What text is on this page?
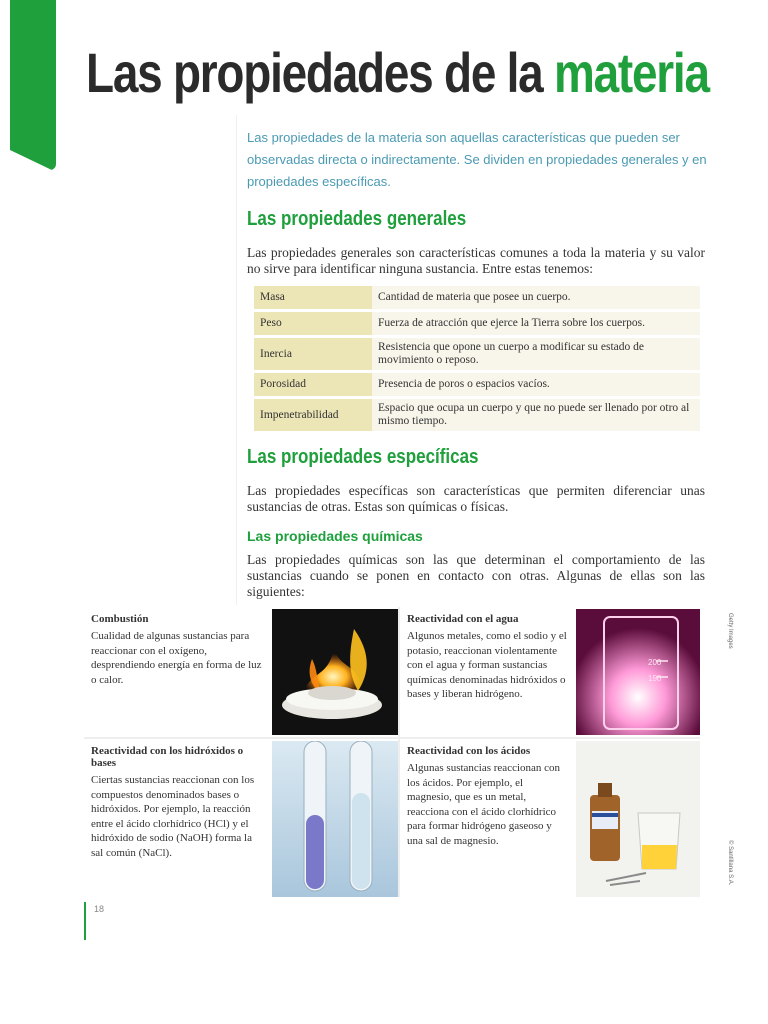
Las propiedades de la materia
Las propiedades de la materia son aquellas características que pueden ser observadas directa o indirectamente. Se dividen en propiedades generales y en propiedades específicas.
Las propiedades generales
Las propiedades generales son características comunes a toda la materia y su valor no sirve para identificar ninguna sustancia. Entre estas tenemos:
Masa	Cantidad de materia que posee un cuerpo.
Peso	Fuerza de atracción que ejerce la Tierra sobre los cuerpos.
Inercia	Resistencia que opone un cuerpo a modificar su estado de movimiento o reposo.
Porosidad	Presencia de poros o espacios vacíos.
Impenetrabilidad	Espacio que ocupa un cuerpo y que no puede ser llenado por otro al mismo tiempo.
Las propiedades específicas
Las propiedades específicas son características que permiten diferenciar unas sustancias de otras. Estas son químicas o físicas.
Las propiedades químicas
Las propiedades químicas son las que determinan el comportamiento de las sustancias cuando se ponen en contacto con otras. Algunas de ellas son las siguientes:

Combustión

Cualidad de algunas sustancias para reaccionar con el oxígeno, desprendiendo energía en forma de luz o calor.

Reactividad con el agua

Algunos metales, como el sodio y el potasio, reaccionan violentamente con el agua y forman sustancias químicas denominadas hidróxidos o bases y liberan hidrógeno.

200
150
Getty Images

Reactividad con los hidróxidos o bases

Ciertas sustancias reaccionan con los compuestos denominados bases o hidróxidos. Por ejemplo, la reacción entre el ácido clorhídrico (HCl) y el hidróxido de sodio (NaOH) forma la sal común (NaCl).

Reactividad con los ácidos

Algunas sustancias reaccionan con los ácidos. Por ejemplo, el magnesio, que es un metal, reacciona con el ácido clorhídrico para formar hidrógeno gaseoso y una sal de magnesio.	© Santillana S.A.
18
